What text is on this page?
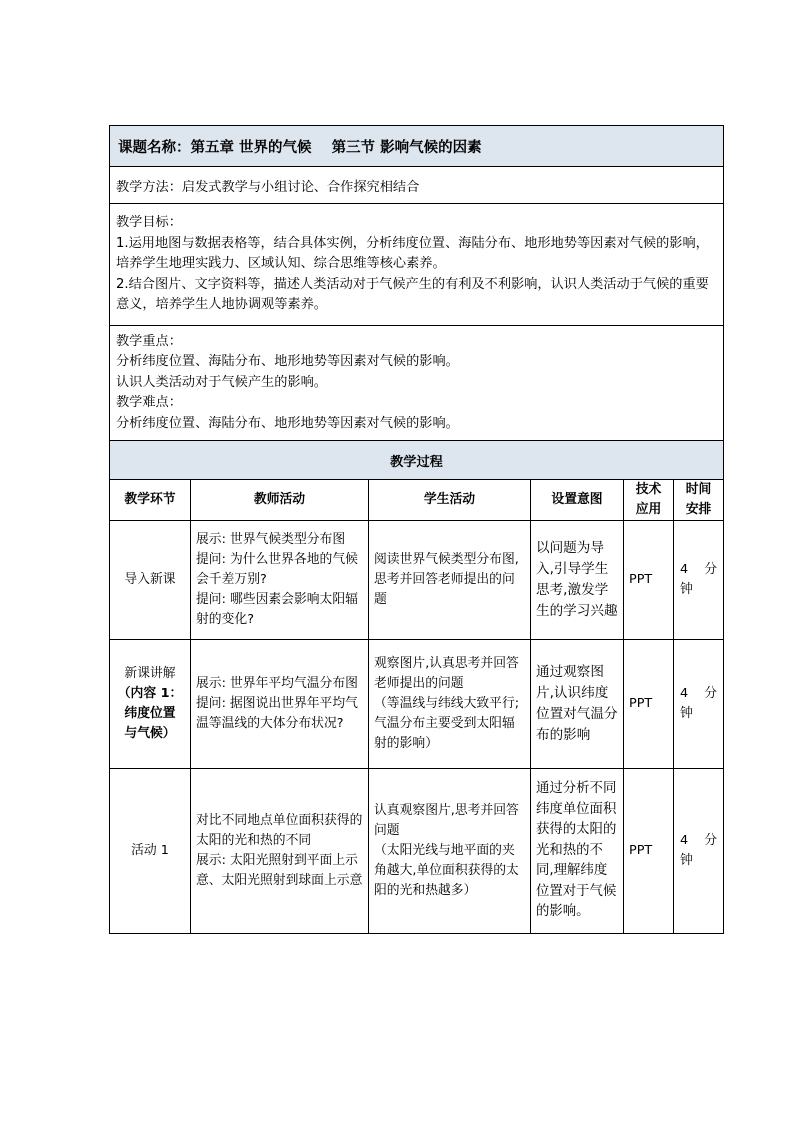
课题名称：第五章 世界的气候 第三节 影响气候的因素					
教学方法：启发式教学与小组讨论、合作探究相结合					

教学目标：
1.运用地图与数据表格等，结合具体实例，分析纬度位置、海陆分布、地形地势等因素对气候的影响，培养学生地理实践力、区域认知、综合思维等核心素养。
2.结合图片、文字资料等，描述人类活动对于气候产生的有利及不利影响，认识人类活动于气候的重要意义，培养学生人地协调观等素养。					

教学重点：
分析纬度位置、海陆分布、地形地势等因素对气候的影响。
认识人类活动对于气候产生的影响。
教学难点：
分析纬度位置、海陆分布、地形地势等因素对气候的影响。					

教学过程					
教学环节	教师活动	学生活动	设置意图	技术
应用	时间
安排

导入新课	展示: 世界气候类型分布图
提问: 为什么世界各地的气候会千差万别?
提问: 哪些因素会影响太阳辐射的变化?	阅读世界气候类型分布图,思考并回答老师提出的问题	以问题为导入,引导学生思考,激发学生的学习兴趣	PPT	4 分
钟

新课讲解
（内容 1：
纬度位置
与气候）	展示: 世界年平均气温分布图
提问: 据图说出世界年平均气温等温线的大体分布状况?	观察图片,认真思考并回答老师提出的问题
（等温线与纬线大致平行;气温分布主要受到太阳辐射的影响）	通过观察图片,认识纬度位置对气温分布的影响	PPT	4 分
钟

活动 1	对比不同地点单位面积获得的太阳的光和热的不同
展示: 太阳光照射到平面上示意、太阳光照射到球面上示意	认真观察图片,思考并回答问题
（太阳光线与地平面的夹角越大,单位面积获得的太阳的光和热越多）	通过分析不同纬度单位面积获得的太阳的光和热的不同,理解纬度位置对于气候的影响。	PPT	4 分
钟
